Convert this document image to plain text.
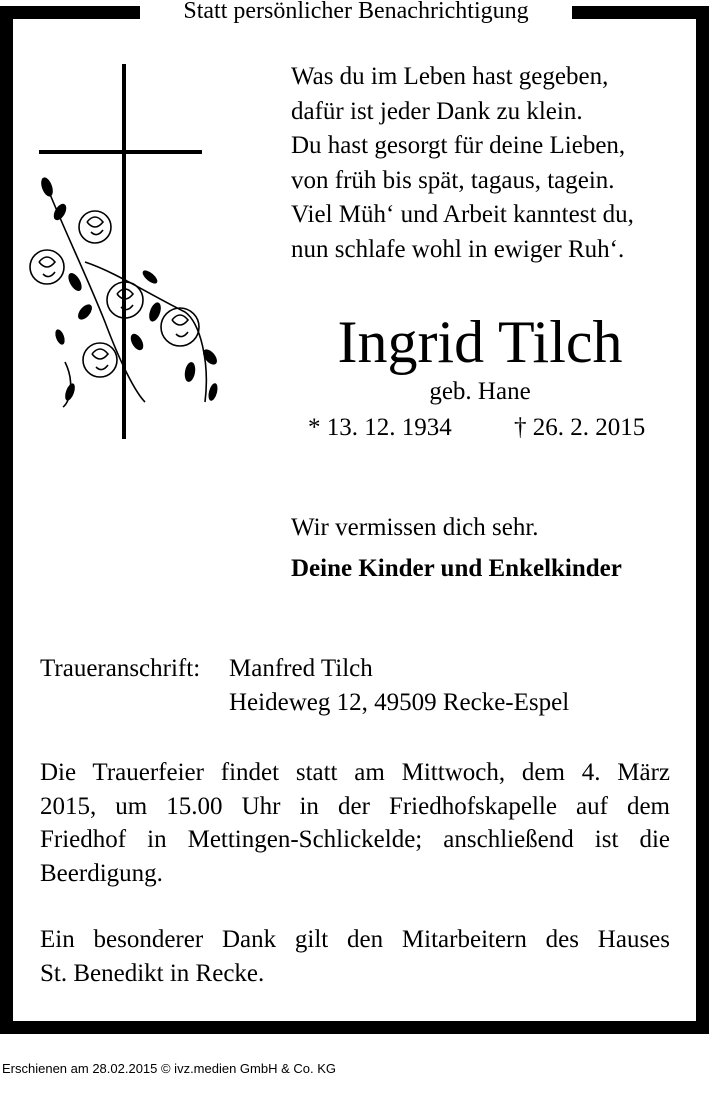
Statt persönlicher Benachrichtigung
Was du im Leben hast gegeben,
dafür ist jeder Dank zu klein.
Du hast gesorgt für deine Lieben,
von früh bis spät, tagaus, tagein.
Viel Müh‘ und Arbeit kanntest du,
nun schlafe wohl in ewiger Ruh‘.
Ingrid Tilch
geb. Hane
* 13. 12. 1934 † 26. 2. 2015
Wir vermissen dich sehr.
Deine Kinder und Enkelkinder
Traueranschrift: Manfred Tilch
Heideweg 12, 49509 Recke-Espel
Die Trauerfeier findet statt am Mittwoch, dem 4. März
2015, um 15.00 Uhr in der Friedhofskapelle auf dem
Friedhof in Mettingen-Schlickelde; anschließend ist die
Beerdigung.
Ein besonderer Dank gilt den Mitarbeitern des Hauses
St. Benedikt in Recke.
Erschienen am 28.02.2015 © ivz.medien GmbH & Co. KG
